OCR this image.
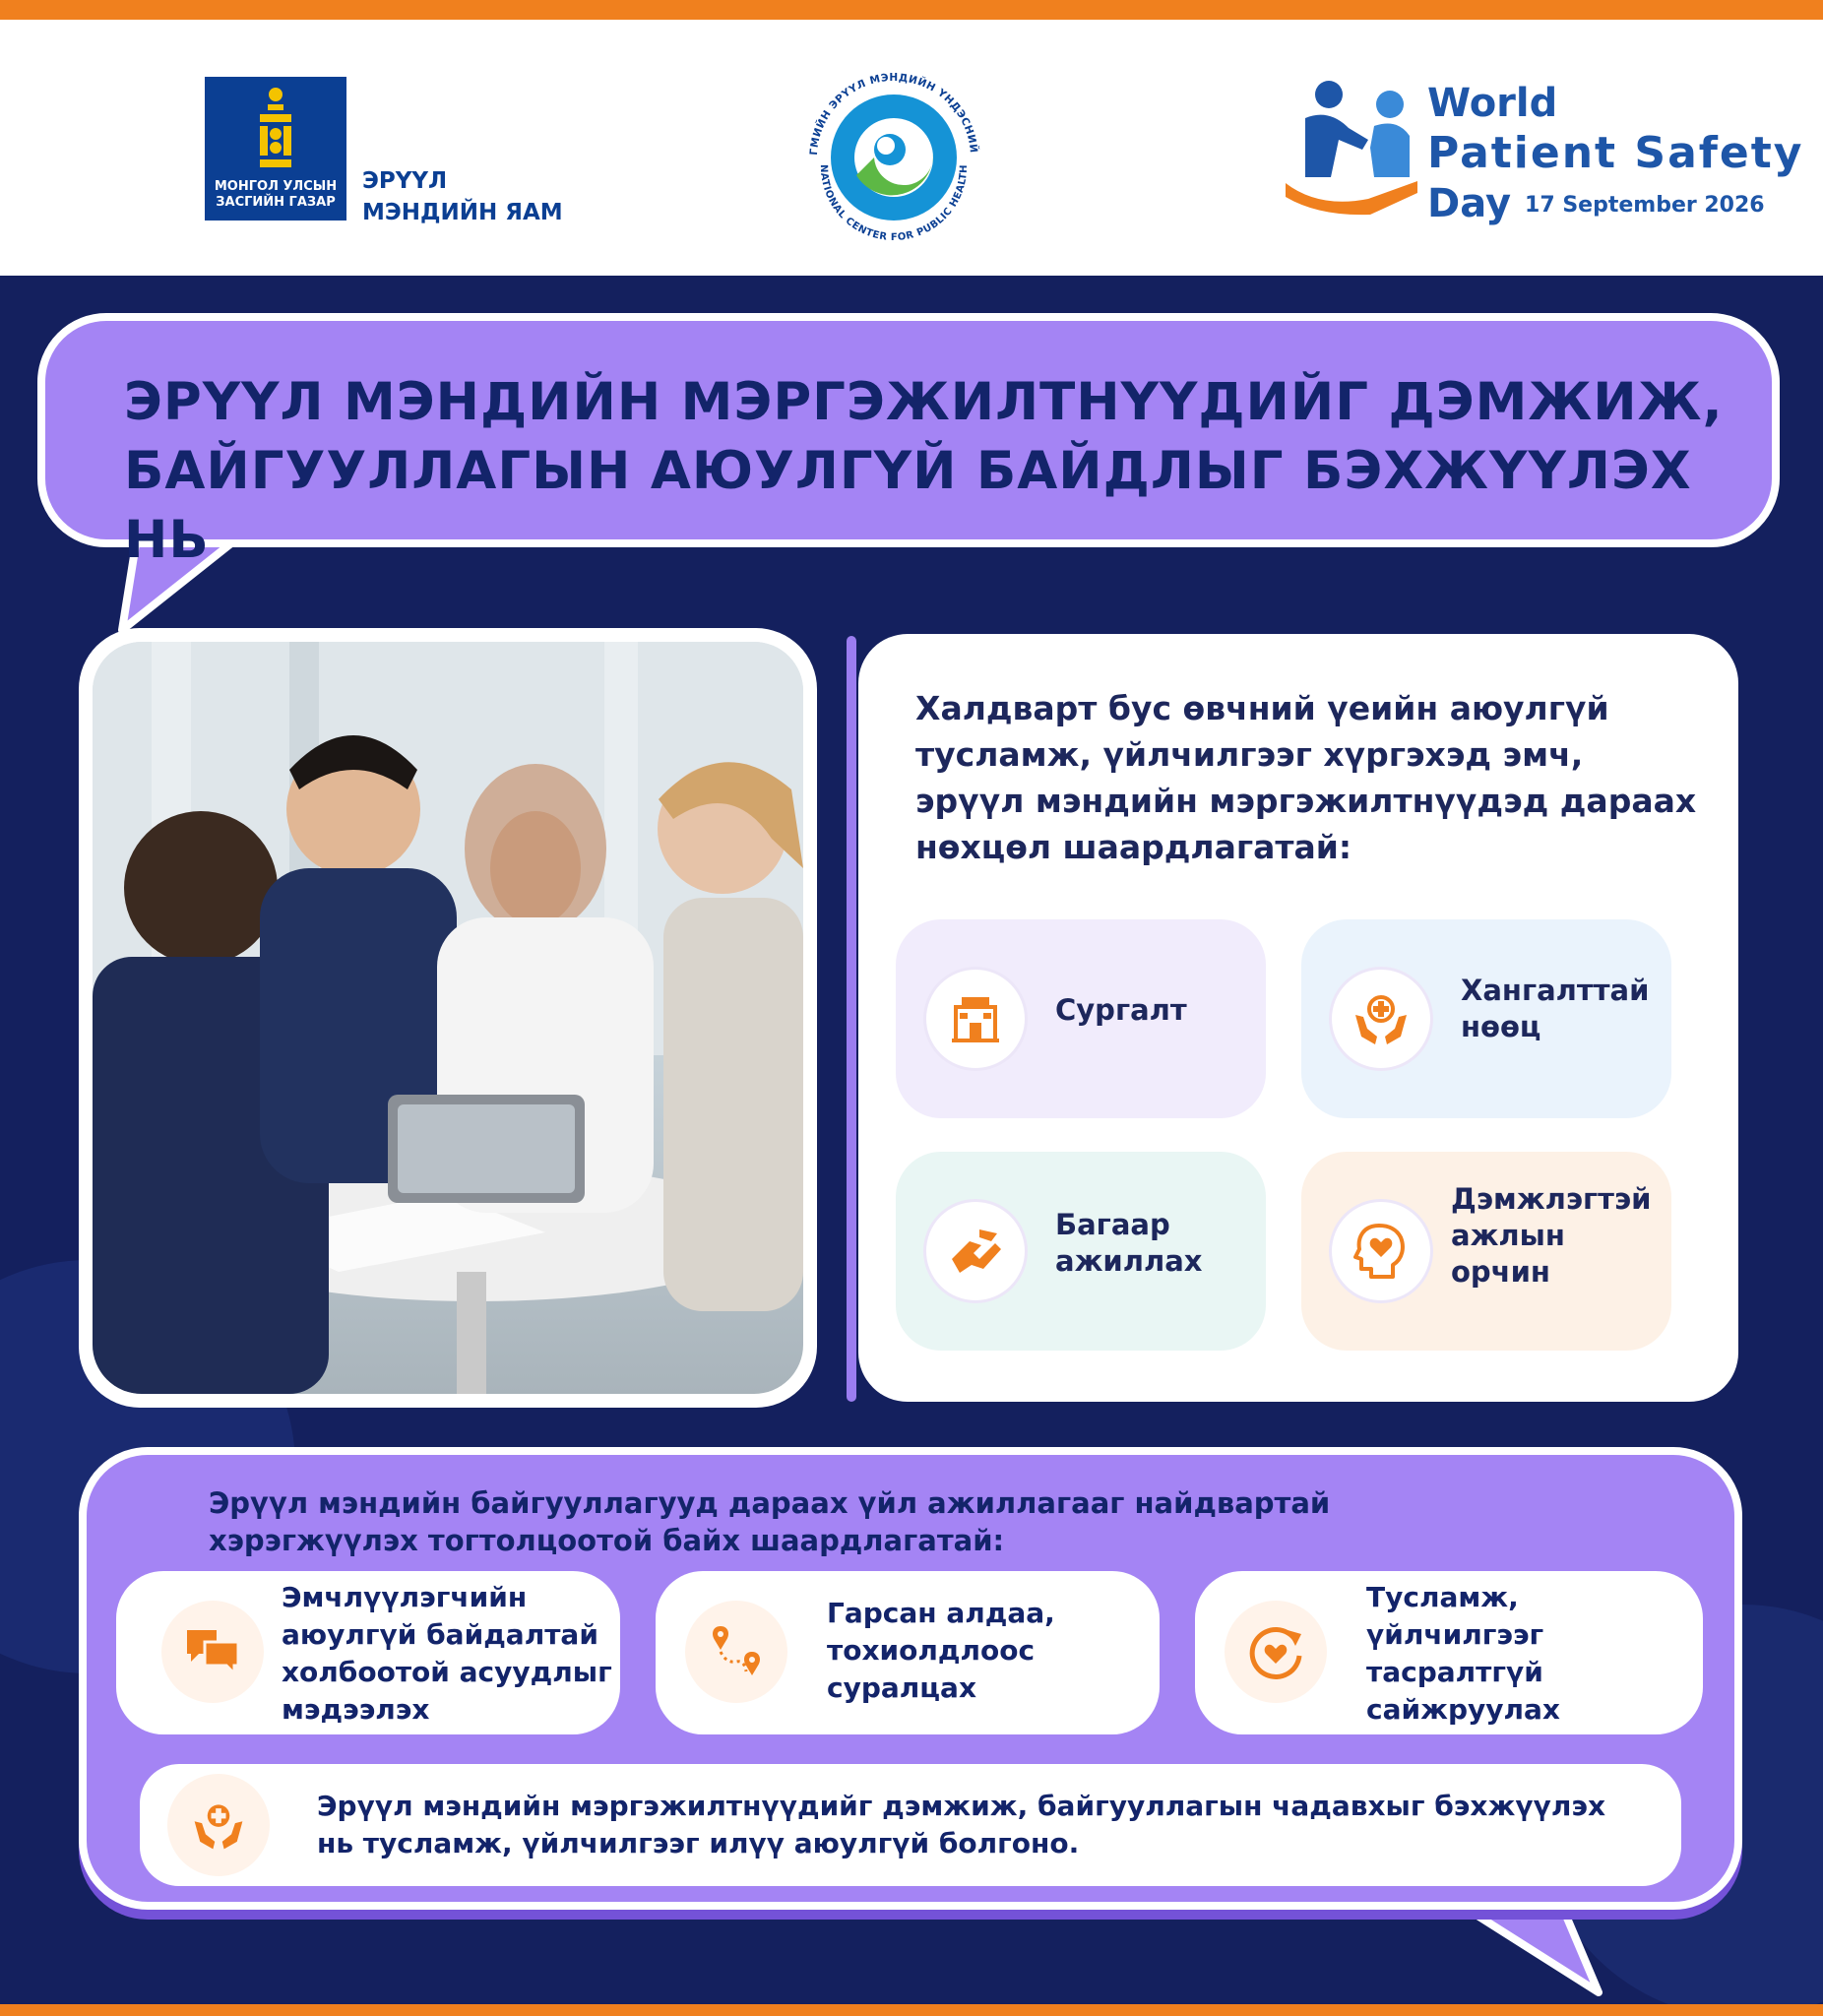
МОНГОЛ УЛСЫН
ЗАСГИЙН ГАЗАР
ЭРҮҮЛ
МЭНДИЙН ЯАМ
ГМИЙН ЭРҮҮЛ МЭНДИЙН ҮНДЭСНИЙ
NATIONAL CENTER FOR PUBLIC HEALTH
World
Patient Safety
Day 17 September 2026
ЭРҮҮЛ МЭНДИЙН МЭРГЭЖИЛТНҮҮДИЙГ ДЭМЖИЖ,
БАЙГУУЛЛАГЫН АЮУЛГҮЙ БАЙДЛЫГ БЭХЖҮҮЛЭХ НЬ
Халдварт бус өвчний үеийн аюулгүй тусламж, үйлчилгээг хүргэхэд эмч, эрүүл мэндийн мэргэжилтнүүдэд дараах нөхцөл шаардлагатай:
Сургалт
Хангалттай нөөц
Багаар ажиллах
Дэмжлэгтэй ажлын орчин
Эрүүл мэндийн байгууллагууд дараах үйл ажиллагааг найдвартай хэрэгжүүлэх тогтолцоотой байх шаардлагатай:
Эмчлүүлэгчийн аюулгүй байдалтай холбоотой асуудлыг мэдээлэх
Гарсан алдаа, тохиолдлоос суралцах
Тусламж, үйлчилгээг тасралтгүй сайжруулах
Эрүүл мэндийн мэргэжилтнүүдийг дэмжиж, байгууллагын чадавхыг бэхжүүлэх нь тусламж, үйлчилгээг илүү аюулгүй болгоно.
